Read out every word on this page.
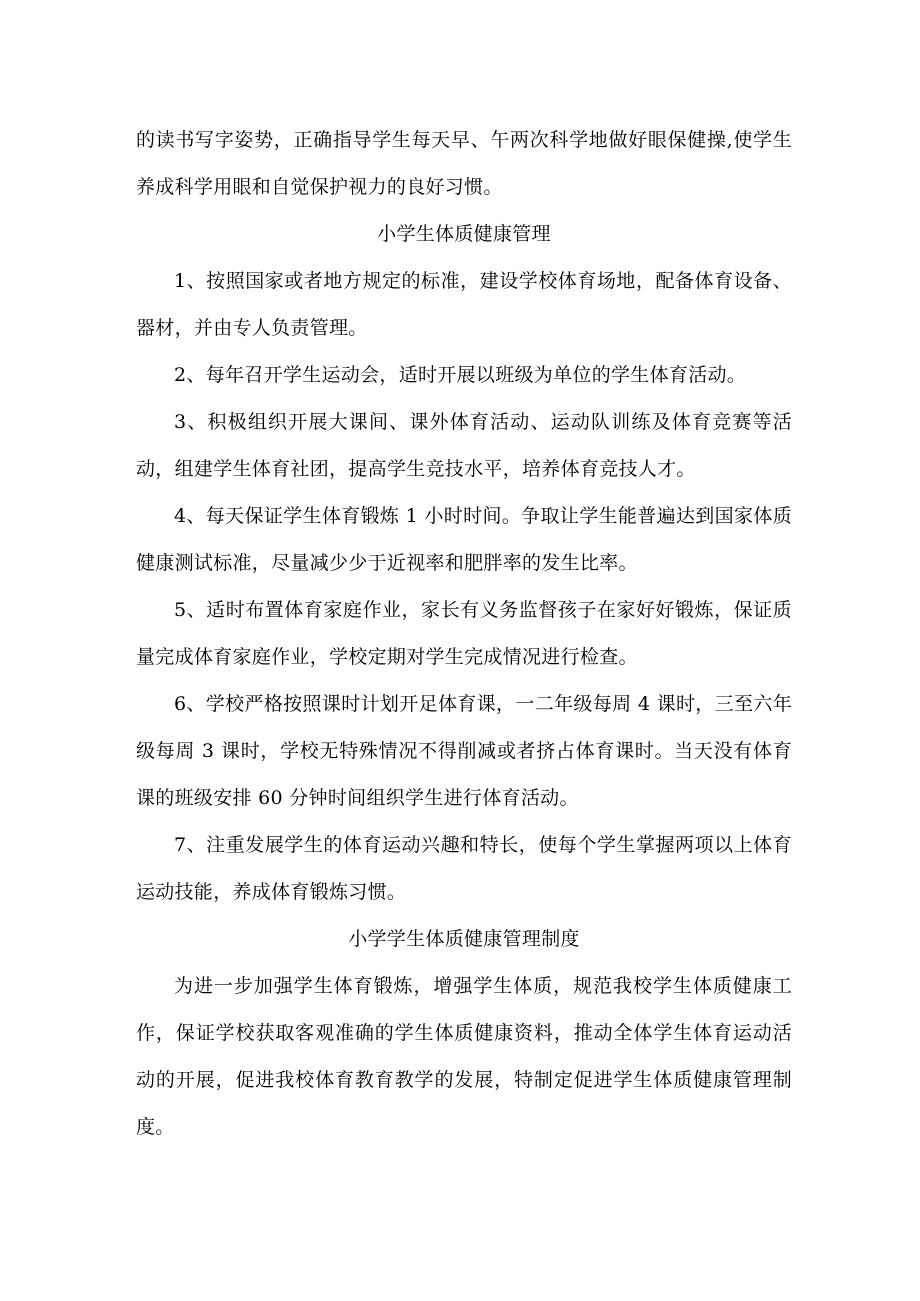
的读书写字姿势，正确指导学生每天早、午两次科学地做好眼保健操,使学生养成科学用眼和自觉保护视力的良好习惯。

小学生体质健康管理

1、按照国家或者地方规定的标准，建设学校体育场地，配备体育设备、器材，并由专人负责管理。

2、每年召开学生运动会，适时开展以班级为单位的学生体育活动。

3、积极组织开展大课间、课外体育活动、运动队训练及体育竞赛等活动，组建学生体育社团，提高学生竞技水平，培养体育竞技人才。

4、每天保证学生体育锻炼 1 小时时间。争取让学生能普遍达到国家体质健康测试标准，尽量减少少于近视率和肥胖率的发生比率。

5、适时布置体育家庭作业，家长有义务监督孩子在家好好锻炼，保证质量完成体育家庭作业，学校定期对学生完成情况进行检查。

6、学校严格按照课时计划开足体育课，一二年级每周 4 课时，三至六年级每周 3 课时，学校无特殊情况不得削减或者挤占体育课时。当天没有体育课的班级安排 60 分钟时间组织学生进行体育活动。

7、注重发展学生的体育运动兴趣和特长，使每个学生掌握两项以上体育运动技能，养成体育锻炼习惯。

小学学生体质健康管理制度

为进一步加强学生体育锻炼，增强学生体质，规范我校学生体质健康工作，保证学校获取客观准确的学生体质健康资料，推动全体学生体育运动活动的开展，促进我校体育教育教学的发展，特制定促进学生体质健康管理制度。
